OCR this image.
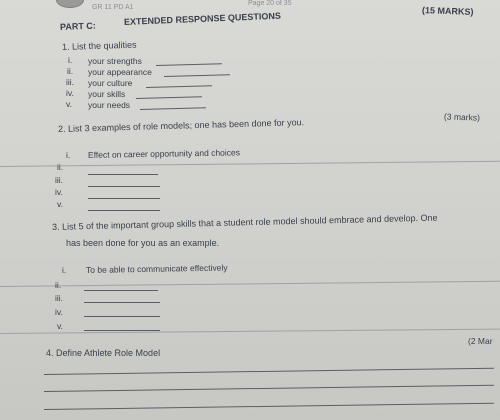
GR 11 PD A1
Page 20 of 35
PART C:	EXTENDED RESPONSE QUESTIONS	(15 MARKS)
1. List the qualities
i. your strengths
ii. your appearance
iii. your culture
iv. your skills
v. your needs
(3 marks)
2. List 3 examples of role models; one has been done for you.
i. Effect on career opportunity and choices
ii.
iii.
iv.
v.
3. List 5 of the important group skills that a student role model should embrace and develop. One
has been done for you as an example.
i. To be able to communicate effectively
ii.
iii.
iv.
v.
(2 Mar
4. Define Athlete Role Model
